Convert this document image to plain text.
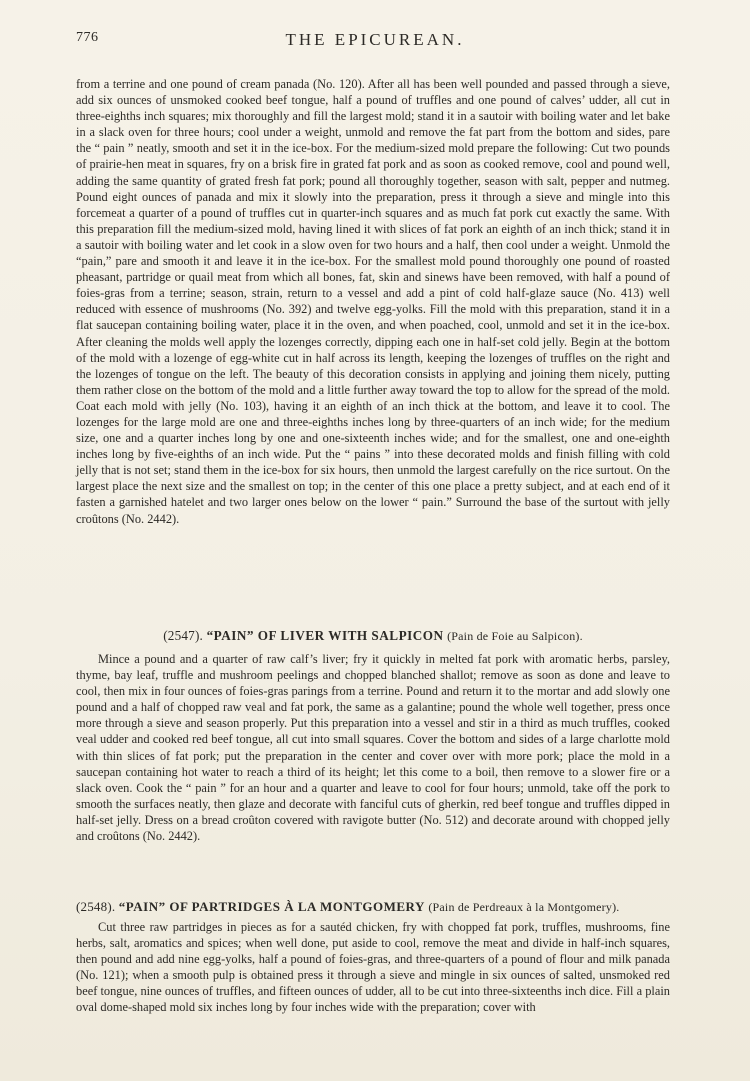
776	THE EPICUREAN.

from a terrine and one pound of cream panada (No. 120). After all has been well pounded and passed through a sieve, add six ounces of unsmoked cooked beef tongue, half a pound of truffles and one pound of calves’ udder, all cut in three-eighths inch squares; mix thoroughly and fill the largest mold; stand it in a sautoir with boiling water and let bake in a slack oven for three hours; cool under a weight, unmold and remove the fat part from the bottom and sides, pare the “ pain ” neatly, smooth and set it in the ice-box. For the medium-sized mold prepare the following: Cut two pounds of prairie-hen meat in squares, fry on a brisk fire in grated fat pork and as soon as cooked remove, cool and pound well, adding the same quantity of grated fresh fat pork; pound all thoroughly together, season with salt, pepper and nutmeg. Pound eight ounces of panada and mix it slowly into the preparation, press it through a sieve and mingle into this forcemeat a quarter of a pound of truffles cut in quarter-inch squares and as much fat pork cut exactly the same. With this preparation fill the medium-sized mold, having lined it with slices of fat pork an eighth of an inch thick; stand it in a sautoir with boiling water and let cook in a slow oven for two hours and a half, then cool under a weight. Unmold the “pain,” pare and smooth it and leave it in the ice-box. For the smallest mold pound thoroughly one pound of roasted pheasant, partridge or quail meat from which all bones, fat, skin and sinews have been removed, with half a pound of foies-gras from a terrine; season, strain, return to a vessel and add a pint of cold half-glaze sauce (No. 413) well reduced with essence of mushrooms (No. 392) and twelve egg-yolks. Fill the mold with this preparation, stand it in a flat saucepan containing boiling water, place it in the oven, and when poached, cool, unmold and set it in the ice-box. After cleaning the molds well apply the lozenges correctly, dipping each one in half-set cold jelly. Begin at the bottom of the mold with a lozenge of egg-white cut in half across its length, keeping the lozenges of truffles on the right and the lozenges of tongue on the left. The beauty of this decoration consists in applying and joining them nicely, putting them rather close on the bottom of the mold and a little further away toward the top to allow for the spread of the mold. Coat each mold with jelly (No. 103), having it an eighth of an inch thick at the bottom, and leave it to cool. The lozenges for the large mold are one and three-eighths inches long by three-quarters of an inch wide; for the medium size, one and a quarter inches long by one and one-sixteenth inches wide; and for the smallest, one and one-eighth inches long by five-eighths of an inch wide. Put the “ pains ” into these decorated molds and finish filling with cold jelly that is not set; stand them in the ice-box for six hours, then unmold the largest carefully on the rice surtout. On the largest place the next size and the smallest on top; in the center of this one place a pretty subject, and at each end of it fasten a garnished hatelet and two larger ones below on the lower “ pain.” Surround the base of the surtout with jelly croûtons (No. 2442).

(2547). “PAIN” OF LIVER WITH SALPICON (Pain de Foie au Salpicon).

Mince a pound and a quarter of raw calf’s liver; fry it quickly in melted fat pork with aromatic herbs, parsley, thyme, bay leaf, truffle and mushroom peelings and chopped blanched shallot; remove as soon as done and leave to cool, then mix in four ounces of foies-gras parings from a terrine. Pound and return it to the mortar and add slowly one pound and a half of chopped raw veal and fat pork, the same as a galantine; pound the whole well together, press once more through a sieve and season properly. Put this preparation into a vessel and stir in a third as much truffles, cooked veal udder and cooked red beef tongue, all cut into small squares. Cover the bottom and sides of a large charlotte mold with thin slices of fat pork; put the preparation in the center and cover over with more pork; place the mold in a saucepan containing hot water to reach a third of its height; let this come to a boil, then remove to a slower fire or a slack oven. Cook the “ pain ” for an hour and a quarter and leave to cool for four hours; unmold, take off the pork to smooth the surfaces neatly, then glaze and decorate with fanciful cuts of gherkin, red beef tongue and truffles dipped in half-set jelly. Dress on a bread croûton covered with ravigote butter (No. 512) and decorate around with chopped jelly and croûtons (No. 2442).

(2548). “PAIN” OF PARTRIDGES À LA MONTGOMERY (Pain de Perdreaux à la Montgomery).

Cut three raw partridges in pieces as for a sautéd chicken, fry with chopped fat pork, truffles, mushrooms, fine herbs, salt, aromatics and spices; when well done, put aside to cool, remove the meat and divide in half-inch squares, then pound and add nine egg-yolks, half a pound of foies-gras, and three-quarters of a pound of flour and milk panada (No. 121); when a smooth pulp is obtained press it through a sieve and mingle in six ounces of salted, unsmoked red beef tongue, nine ounces of truffles, and fifteen ounces of udder, all to be cut into three-sixteenths inch dice. Fill a plain oval dome-shaped mold six inches long by four inches wide with the preparation; cover with
